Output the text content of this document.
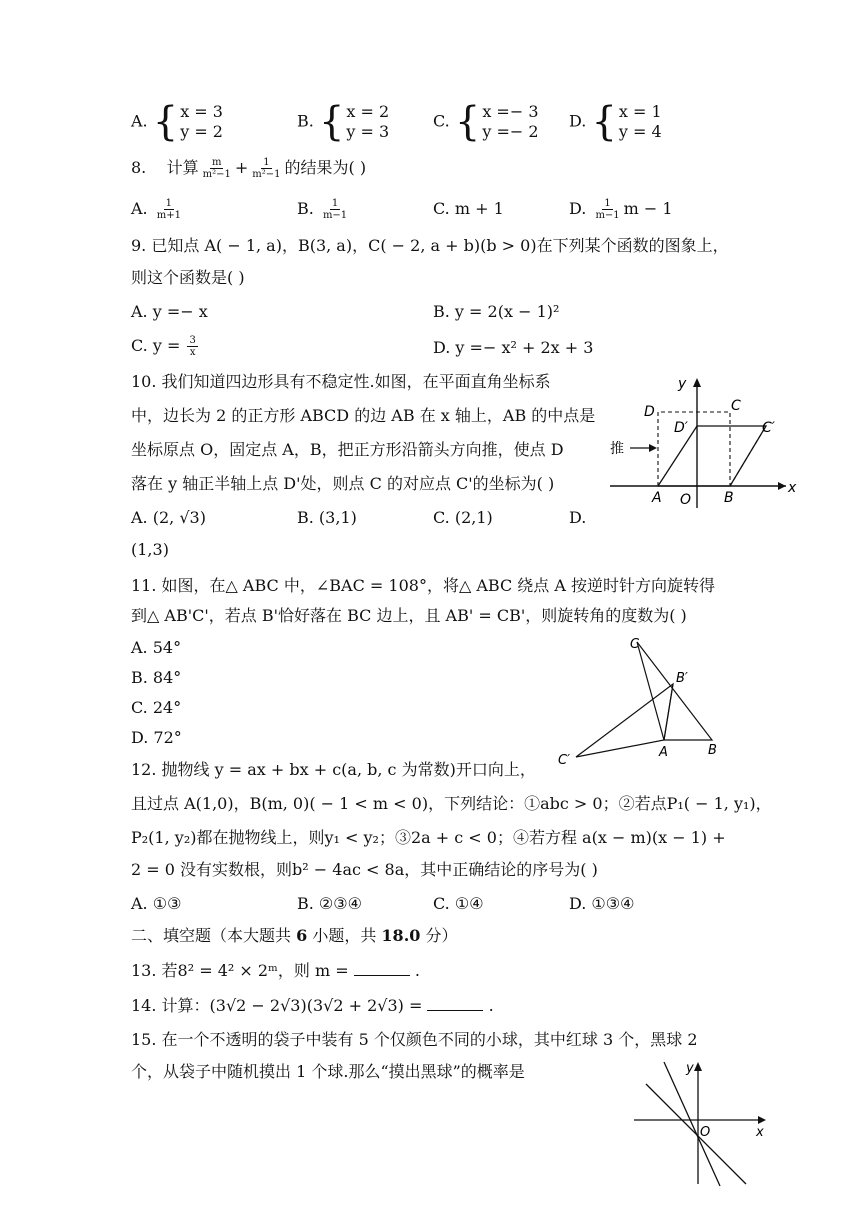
A. { x = 3
y = 2
B. { x = 2
y = 3
C. { x =− 3
y =− 2
D. { x = 1
y = 4
8. 计算 $\frac{m}{\text{m²−1}} + \frac{1}{\text{m²−1}}$ 的结果为( )
A. $\frac{1}{m+1}$	B. $\frac{1}{m-1}$	C. m + 1	D. $\frac{1}{m-1}$ m − 1
9. 已知点 A( − 1, a)，B(3, a)，C( − 2, a + b)(b > 0)在下列某个函数的图象上，
则这个函数是( )
A. y =− x	B. y = 2(x − 1)²
C. $y = \frac{3}{x}$	D. y =− x² + 2x + 3
10. 我们知道四边形具有不稳定性.如图，在平面直角坐标系
中，边长为 2 的正方形 ABCD 的边 AB 在 x 轴上，AB 的中点是
坐标原点 O，固定点 A，B，把正方形沿箭头方向推，使点 D
落在 y 轴正半轴上点 D'处，则点 C 的对应点 C'的坐标为( )
A. (2, √3)	B. (3,1)	C. (2,1)	D.
(1,3)
y
x
D	C
D′	C′
推
A O B
11. 如图，在△ ABC 中，∠BAC = 108°，将△ ABC 绕点 A 按逆时针方向旋转得
到△ AB'C'，若点 B'恰好落在 BC 边上，且 AB' = CB'，则旋转角的度数为( )
A. 54°
B. 84°
C. 24°
D. 72°
C
B′
C′
A	B
12. 抛物线 y = ax + bx + c(a, b, c 为常数)开口向上，
且过点 A(1,0)，B(m, 0)( − 1 < m < 0)，下列结论：①abc > 0；②若点P₁( − 1, y₁)，
P₂(1, y₂)都在抛物线上，则y₁ < y₂；③2a + c < 0；④若方程 a(x − m)(x − 1) +
2 = 0 没有实数根，则b² − 4ac < 8a，其中正确结论的序号为( )
A. ①③	B. ②③④	C. ①④	D. ①③④
二、填空题（本大题共 6 小题，共 18.0 分）
13. 若8² = 4² × 2ᵐ，则 m =	.
14. 计算：(3√2 − 2√3)(3√2 + 2√3) =	.
15. 在一个不透明的袋子中装有 5 个仅颜色不同的小球，其中红球 3 个，黑球 2
个，从袋子中随机摸出 1 个球.那么“摸出黑球”的概率是	y
x
O
